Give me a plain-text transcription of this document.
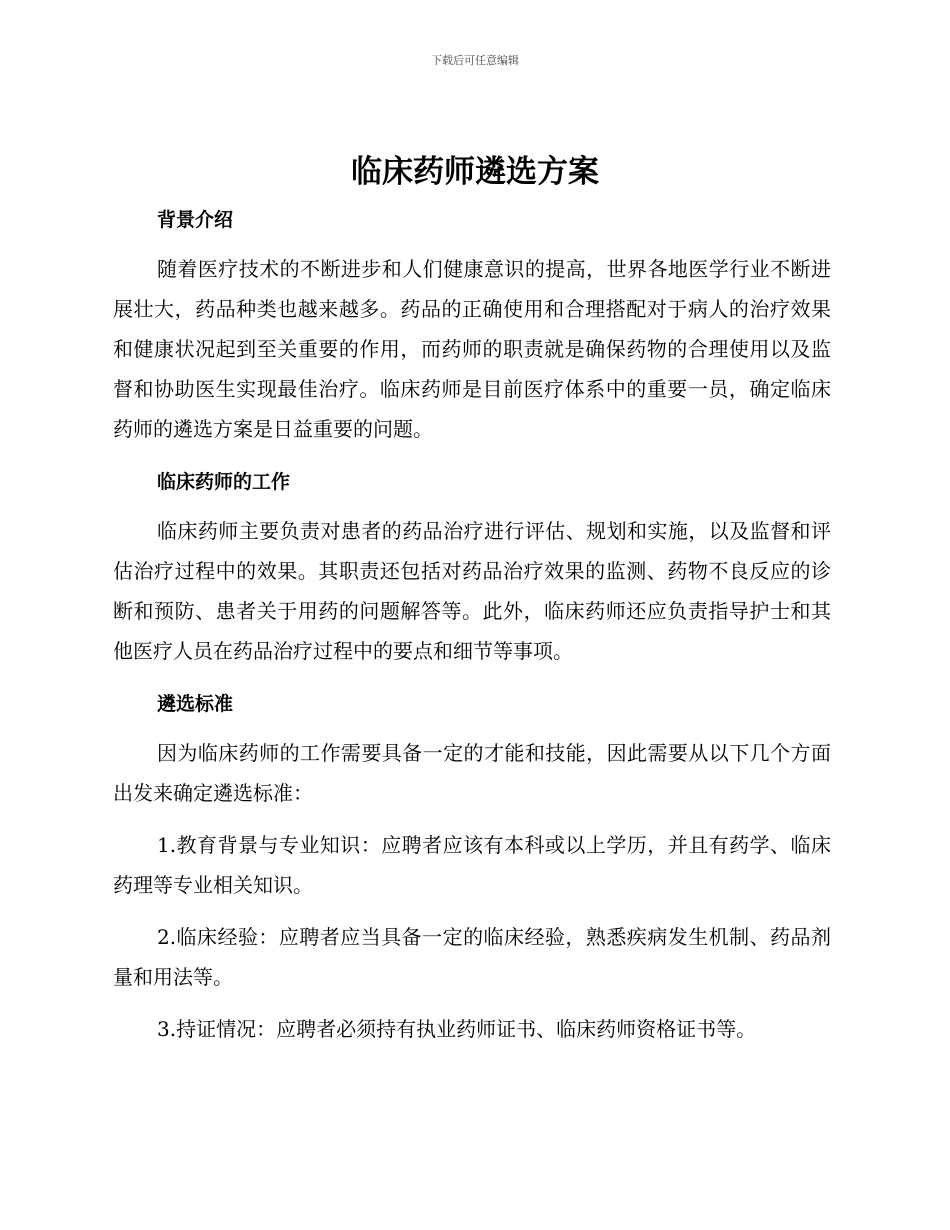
下载后可任意编辑
临床药师遴选方案
背景介绍

随着医疗技术的不断进步和人们健康意识的提高，世界各地医学行业不断进展壮大，药品种类也越来越多。药品的正确使用和合理搭配对于病人的治疗效果和健康状况起到至关重要的作用，而药师的职责就是确保药物的合理使用以及监督和协助医生实现最佳治疗。临床药师是目前医疗体系中的重要一员，确定临床药师的遴选方案是日益重要的问题。

临床药师的工作

临床药师主要负责对患者的药品治疗进行评估、规划和实施，以及监督和评估治疗过程中的效果。其职责还包括对药品治疗效果的监测、药物不良反应的诊断和预防、患者关于用药的问题解答等。此外，临床药师还应负责指导护士和其他医疗人员在药品治疗过程中的要点和细节等事项。

遴选标准

因为临床药师的工作需要具备一定的才能和技能，因此需要从以下几个方面出发来确定遴选标准：

1.教育背景与专业知识：应聘者应该有本科或以上学历，并且有药学、临床药理等专业相关知识。

2.临床经验：应聘者应当具备一定的临床经验，熟悉疾病发生机制、药品剂量和用法等。

3.持证情况：应聘者必须持有执业药师证书、临床药师资格证书等。
